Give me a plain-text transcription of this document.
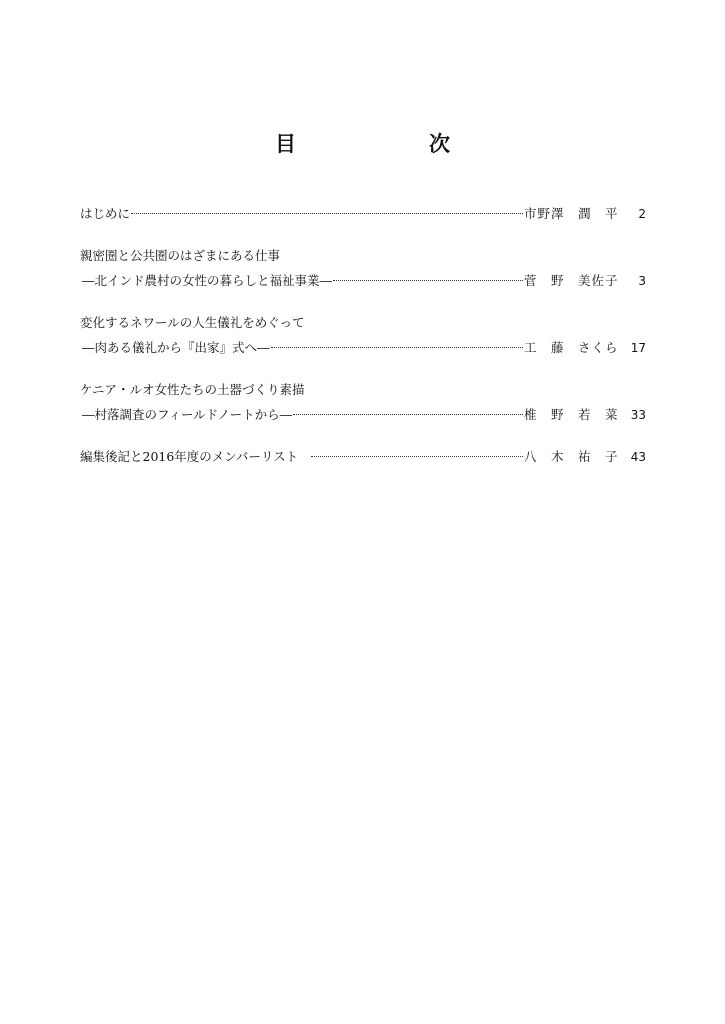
目　次
はじめに	市野澤　潤　平	2
親密圏と公共圏のはざまにある仕事
―北インド農村の女性の暮らしと福祉事業―	菅　野　美佐子	3
変化するネワールの人生儀礼をめぐって
―肉ある儀礼から『出家』式へ―	工　藤　さくら	17
ケニア・ルオ女性たちの土器づくり素描
―村落調査のフィールドノートから―	椎　野　若　菜	33
編集後記と2016年度のメンバーリスト	八　木　祐　子	43
